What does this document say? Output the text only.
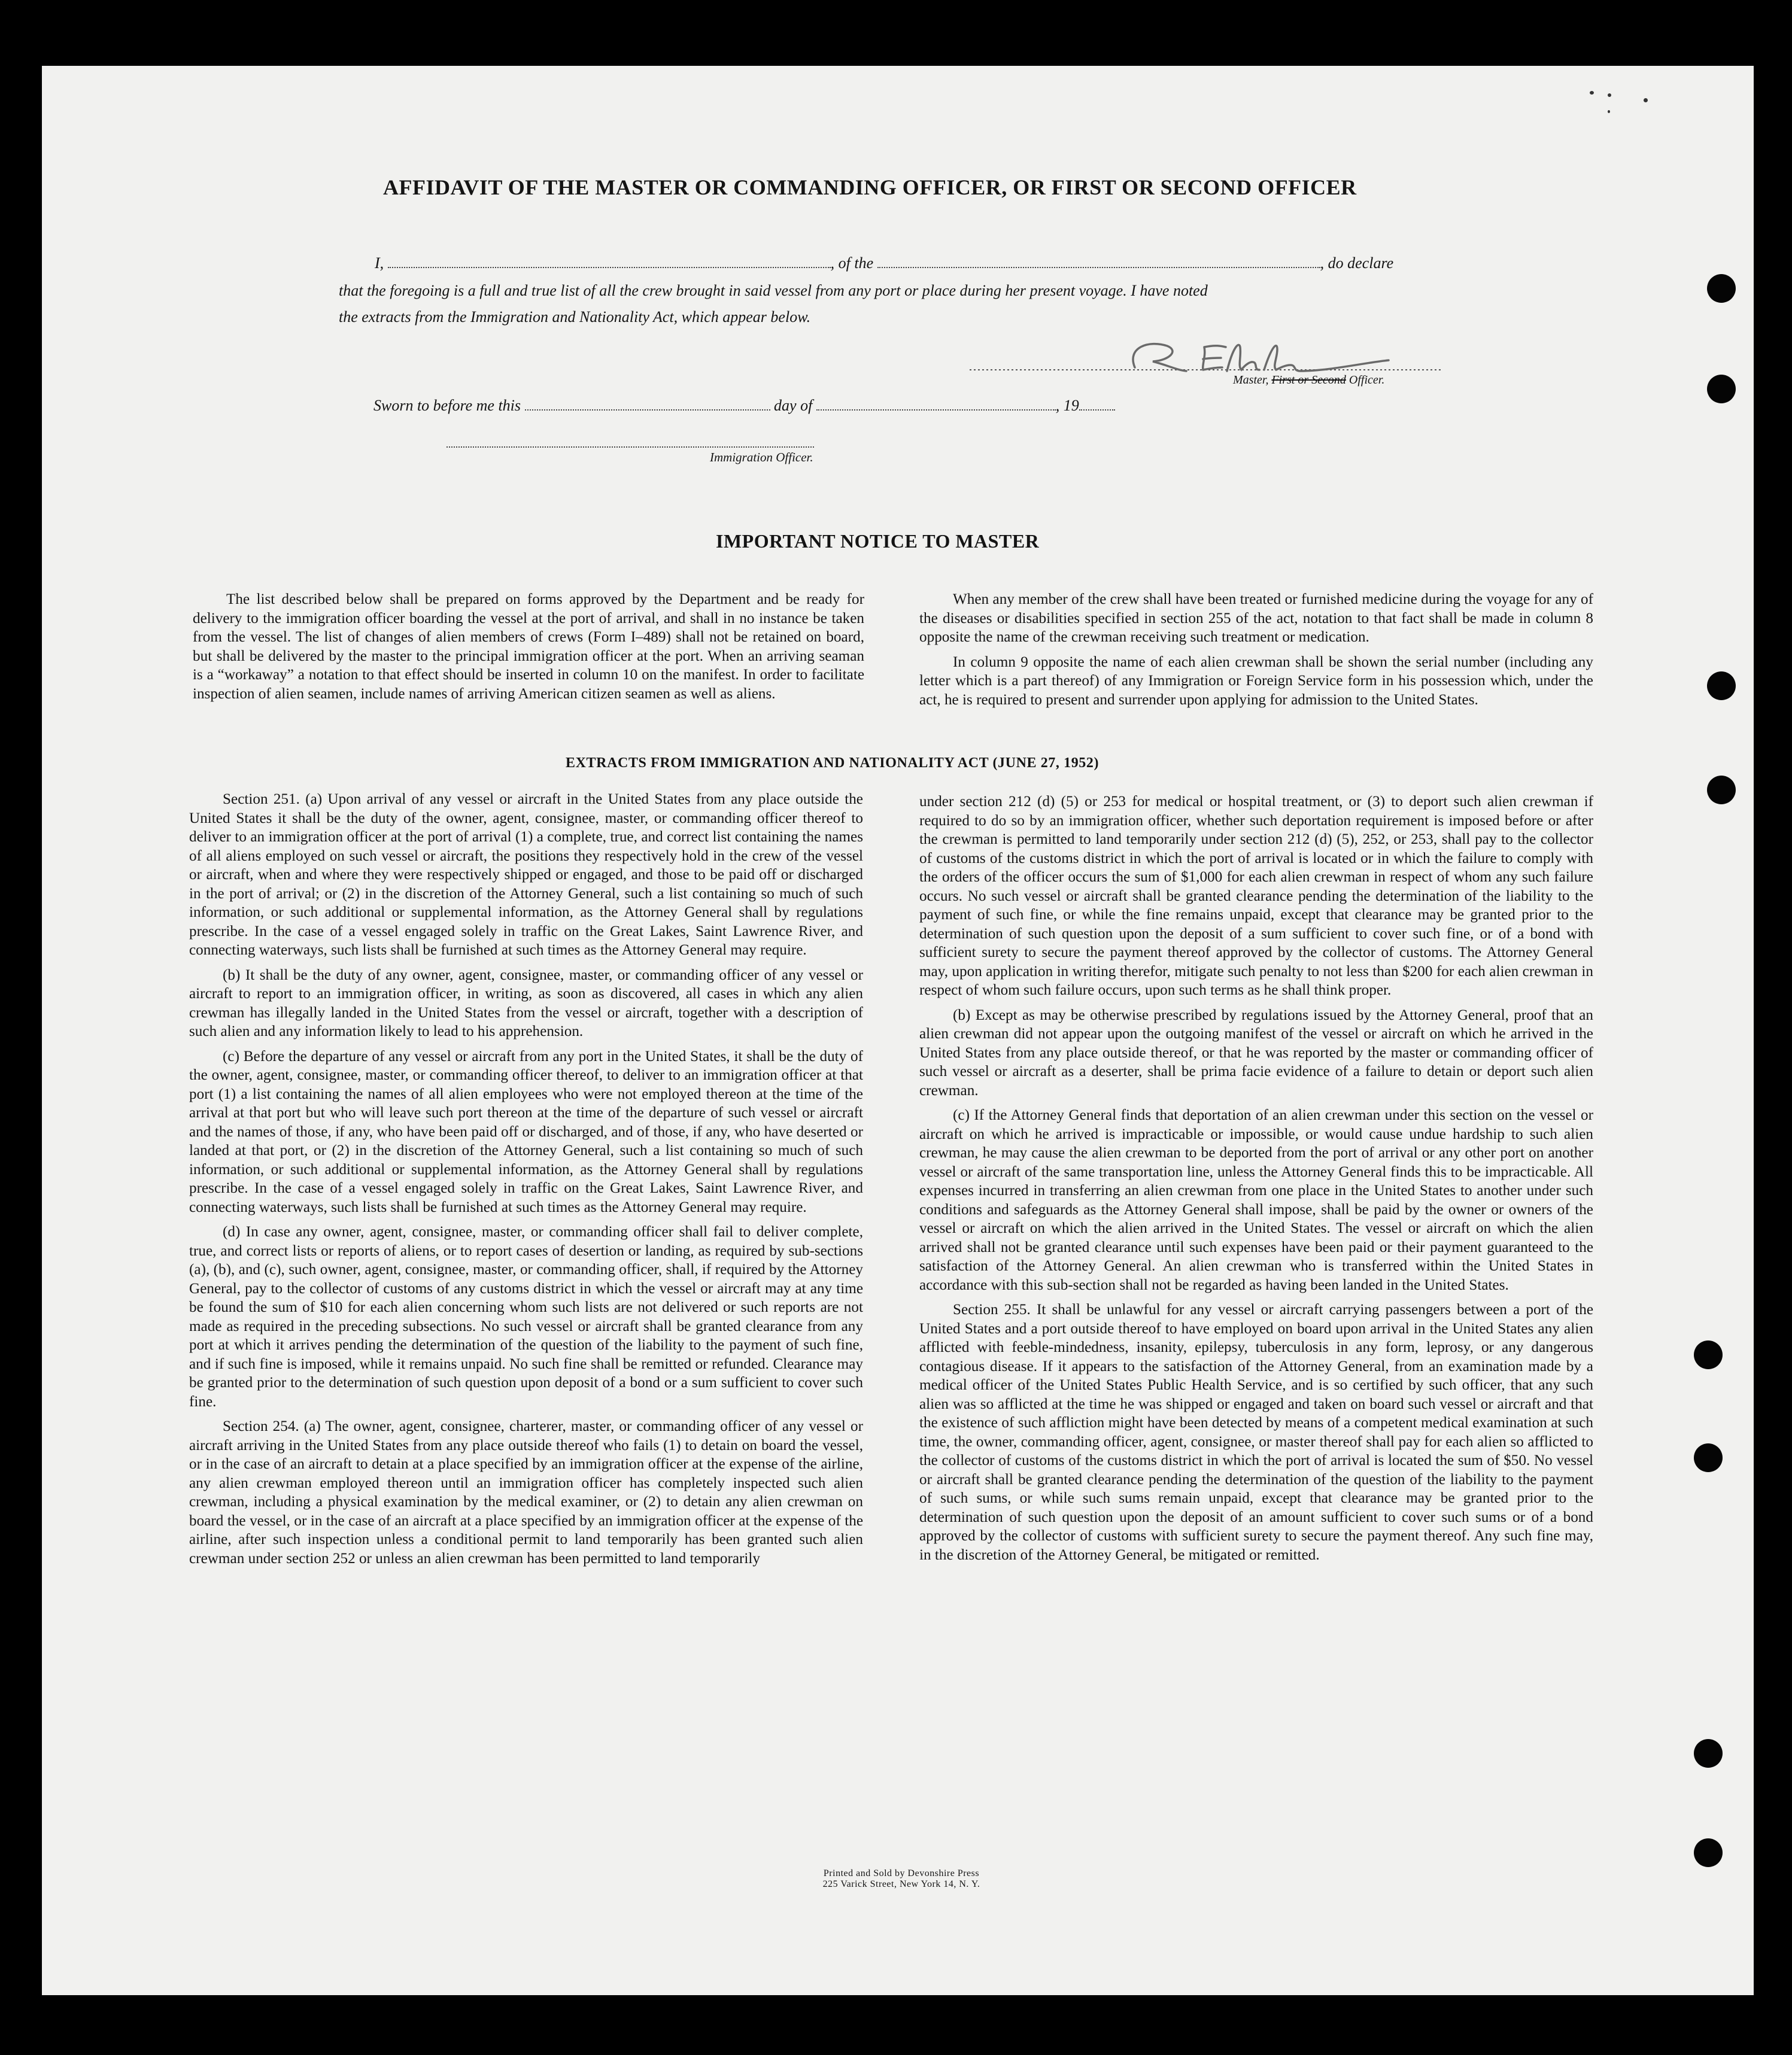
AFFIDAVIT OF THE MASTER OR COMMANDING OFFICER, OR FIRST OR SECOND OFFICER
I,	, of the	, do declare
that the foregoing is a full and true list of all the crew brought in said vessel from any port or place during her present voyage. I have noted
the extracts from the Immigration and Nationality Act, which appear below.
Master, First or Second Officer.
Sworn to before me this	day of	, 19
Immigration Officer.
IMPORTANT NOTICE TO MASTER

The list described below shall be prepared on forms approved by the Department and be ready for delivery to the immigration officer boarding the vessel at the port of arrival, and shall in no instance be taken from the vessel. The list of changes of alien members of crews (Form I–489) shall not be retained on board, but shall be delivered by the master to the principal immigration officer at the port. When an arriving seaman is a “workaway” a notation to that effect should be inserted in column 10 on the manifest. In order to facilitate inspection of alien seamen, include names of arriving American citizen seamen as well as aliens.

When any member of the crew shall have been treated or furnished medicine during the voyage for any of the diseases or disabilities specified in section 255 of the act, notation to that fact shall be made in column 8 opposite the name of the crewman receiving such treatment or medication.

In column 9 opposite the name of each alien crewman shall be shown the serial number (including any letter which is a part thereof) of any Immigration or Foreign Service form in his possession which, under the act, he is required to present and surrender upon applying for admission to the United States.

EXTRACTS FROM IMMIGRATION AND NATIONALITY ACT (JUNE 27, 1952)

Section 251. (a) Upon arrival of any vessel or aircraft in the United States from any place outside the United States it shall be the duty of the owner, agent, consignee, master, or commanding officer thereof to deliver to an immigration officer at the port of arrival (1) a complete, true, and correct list containing the names of all aliens employed on such vessel or aircraft, the positions they respectively hold in the crew of the vessel or aircraft, when and where they were respectively shipped or engaged, and those to be paid off or discharged in the port of arrival; or (2) in the discretion of the Attorney General, such a list containing so much of such information, or such additional or supplemental information, as the Attorney General shall by regulations prescribe. In the case of a vessel engaged solely in traffic on the Great Lakes, Saint Lawrence River, and connecting waterways, such lists shall be furnished at such times as the Attorney General may require.

(b) It shall be the duty of any owner, agent, consignee, master, or commanding officer of any vessel or aircraft to report to an immigration officer, in writing, as soon as discovered, all cases in which any alien crewman has illegally landed in the United States from the vessel or aircraft, together with a description of such alien and any information likely to lead to his apprehension.

(c) Before the departure of any vessel or aircraft from any port in the United States, it shall be the duty of the owner, agent, consignee, master, or commanding officer thereof, to deliver to an immigration officer at that port (1) a list containing the names of all alien employees who were not employed thereon at the time of the arrival at that port but who will leave such port thereon at the time of the departure of such vessel or aircraft and the names of those, if any, who have been paid off or discharged, and of those, if any, who have deserted or landed at that port, or (2) in the discretion of the Attorney General, such a list containing so much of such information, or such additional or supplemental information, as the Attorney General shall by regulations prescribe. In the case of a vessel engaged solely in traffic on the Great Lakes, Saint Lawrence River, and connecting waterways, such lists shall be furnished at such times as the Attorney General may require.

(d) In case any owner, agent, consignee, master, or commanding officer shall fail to deliver complete, true, and correct lists or reports of aliens, or to report cases of desertion or landing, as required by sub-sections (a), (b), and (c), such owner, agent, consignee, master, or commanding officer, shall, if required by the Attorney General, pay to the collector of customs of any customs district in which the vessel or aircraft may at any time be found the sum of $10 for each alien concerning whom such lists are not delivered or such reports are not made as required in the preceding subsections. No such vessel or aircraft shall be granted clearance from any port at which it arrives pending the determination of the question of the liability to the payment of such fine, and if such fine is imposed, while it remains unpaid. No such fine shall be remitted or refunded. Clearance may be granted prior to the determination of such question upon deposit of a bond or a sum sufficient to cover such fine.

Section 254. (a) The owner, agent, consignee, charterer, master, or commanding officer of any vessel or aircraft arriving in the United States from any place outside thereof who fails (1) to detain on board the vessel, or in the case of an aircraft to detain at a place specified by an immigration officer at the expense of the airline, any alien crewman employed thereon until an immigration officer has completely inspected such alien crewman, including a physical examination by the medical examiner, or (2) to detain any alien crewman on board the vessel, or in the case of an aircraft at a place specified by an immigration officer at the expense of the airline, after such inspection unless a conditional permit to land temporarily has been granted such alien crewman under section 252 or unless an alien crewman has been permitted to land temporarily

under section 212 (d) (5) or 253 for medical or hospital treatment, or (3) to deport such alien crewman if required to do so by an immigration officer, whether such deportation requirement is imposed before or after the crewman is permitted to land temporarily under section 212 (d) (5), 252, or 253, shall pay to the collector of customs of the customs district in which the port of arrival is located or in which the failure to comply with the orders of the officer occurs the sum of $1,000 for each alien crewman in respect of whom any such failure occurs. No such vessel or aircraft shall be granted clearance pending the determination of the liability to the payment of such fine, or while the fine remains unpaid, except that clearance may be granted prior to the determination of such question upon the deposit of a sum sufficient to cover such fine, or of a bond with sufficient surety to secure the payment thereof approved by the collector of customs. The Attorney General may, upon application in writing therefor, mitigate such penalty to not less than $200 for each alien crewman in respect of whom such failure occurs, upon such terms as he shall think proper.

(b) Except as may be otherwise prescribed by regulations issued by the Attorney General, proof that an alien crewman did not appear upon the outgoing manifest of the vessel or aircraft on which he arrived in the United States from any place outside thereof, or that he was reported by the master or commanding officer of such vessel or aircraft as a deserter, shall be prima facie evidence of a failure to detain or deport such alien crewman.

(c) If the Attorney General finds that deportation of an alien crewman under this section on the vessel or aircraft on which he arrived is impracticable or impossible, or would cause undue hardship to such alien crewman, he may cause the alien crewman to be deported from the port of arrival or any other port on another vessel or aircraft of the same transportation line, unless the Attorney General finds this to be impracticable. All expenses incurred in transferring an alien crewman from one place in the United States to another under such conditions and safeguards as the Attorney General shall impose, shall be paid by the owner or owners of the vessel or aircraft on which the alien arrived in the United States. The vessel or aircraft on which the alien arrived shall not be granted clearance until such expenses have been paid or their payment guaranteed to the satisfaction of the Attorney General. An alien crewman who is transferred within the United States in accordance with this sub-section shall not be regarded as having been landed in the United States.

Section 255. It shall be unlawful for any vessel or aircraft carrying passengers between a port of the United States and a port outside thereof to have employed on board upon arrival in the United States any alien afflicted with feeble-mindedness, insanity, epilepsy, tuberculosis in any form, leprosy, or any dangerous contagious disease. If it appears to the satisfaction of the Attorney General, from an examination made by a medical officer of the United States Public Health Service, and is so certified by such officer, that any such alien was so afflicted at the time he was shipped or engaged and taken on board such vessel or aircraft and that the existence of such affliction might have been detected by means of a competent medical examination at such time, the owner, commanding officer, agent, consignee, or master thereof shall pay for each alien so afflicted to the collector of customs of the customs district in which the port of arrival is located the sum of $50. No vessel or aircraft shall be granted clearance pending the determination of the question of the liability to the payment of such sums, or while such sums remain unpaid, except that clearance may be granted prior to the determination of such question upon the deposit of an amount sufficient to cover such sums or of a bond approved by the collector of customs with sufficient surety to secure the payment thereof. Any such fine may, in the discretion of the Attorney General, be mitigated or remitted.

Printed and Sold by Devonshire Press
225 Varick Street, New York 14, N. Y.
